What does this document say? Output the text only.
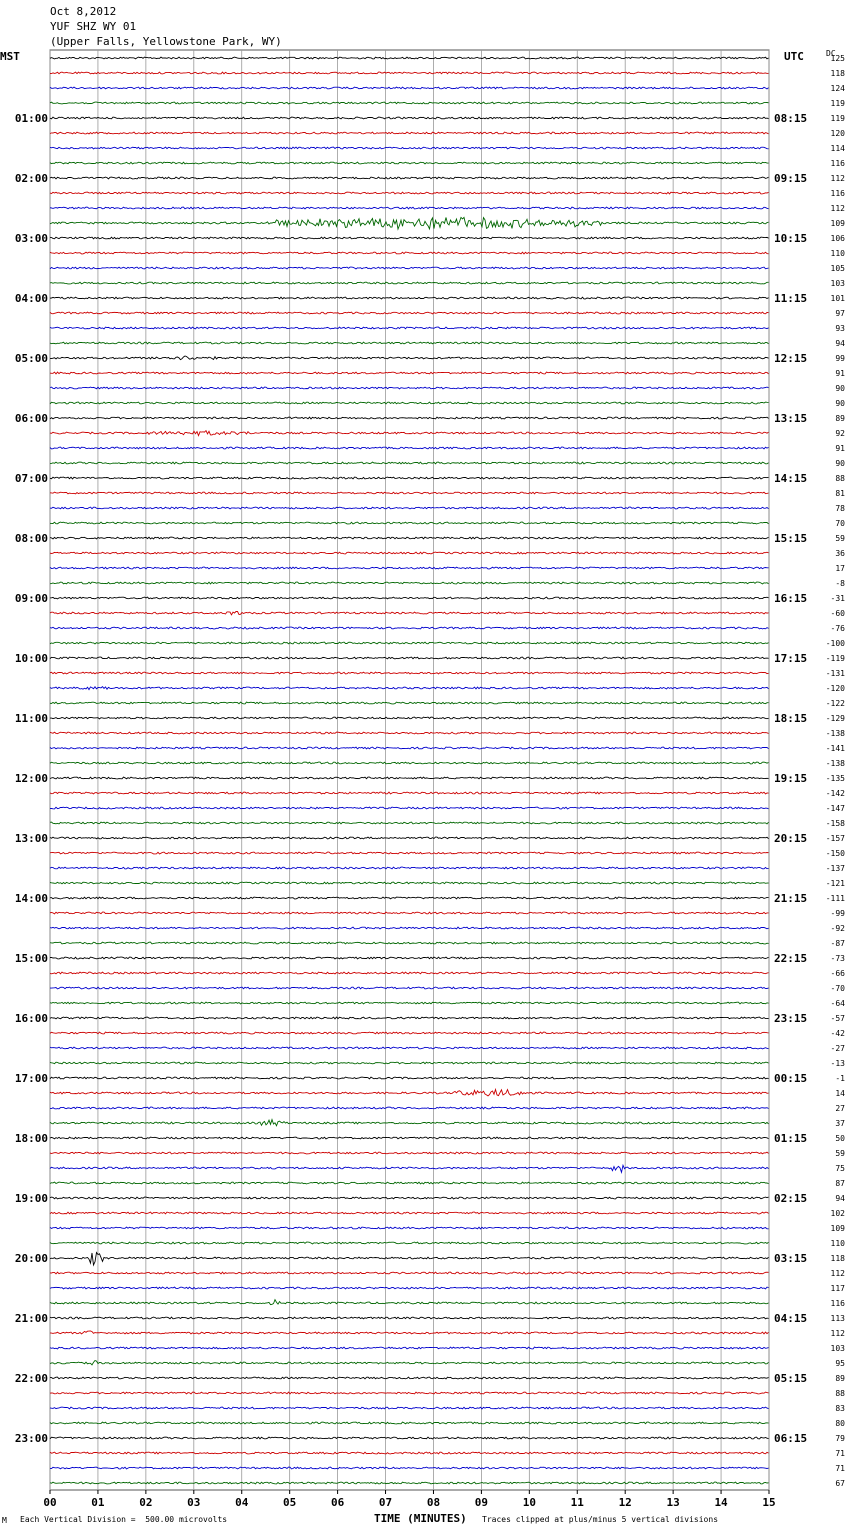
Oct 8,2012
YUF SHZ WY 01
(Upper Falls, Yellowstone Park, WY)
MST	UTC	DC
00	01	02	03	04	05	06	07	08	09	10	11	12	13	14	15
125
118
124
119
119
120
114
116
112
116
112
109
106
110
105
103
101
97
93
94
99
91
90
90
89
92
91
90
88
81
78
70
59
36
17
-8
-31
-60
-76
-100
-119
-131
-120
-122
-129
-138
-141
-138
-135
-142
-147
-158
-157
-150
-137
-121
-111
-99
-92
-87
-73
-66
-70
-64
-57
-42
-27
-13
-1
14
27
37
50
59
75
87
94
102
109
110
118
112
117
116
113
112
103
95
89
88
83
80
79
71
71
67
01:00
02:00
03:00
04:00
05:00
06:00
07:00
08:00
09:00
10:00
11:00
12:00
13:00
14:00
15:00
16:00
17:00
18:00
19:00
20:00
21:00
22:00
23:00
08:15
09:15
10:15
11:15
12:15
13:15
14:15
15:15
16:15
17:15
18:15
19:15
20:15
21:15
22:15
23:15
00:15
01:15
02:15
03:15
04:15
05:15
06:15
M Each Vertical Division =  500.00 microvolts	TIME (MINUTES) Traces clipped at plus/minus 5 vertical divisions
